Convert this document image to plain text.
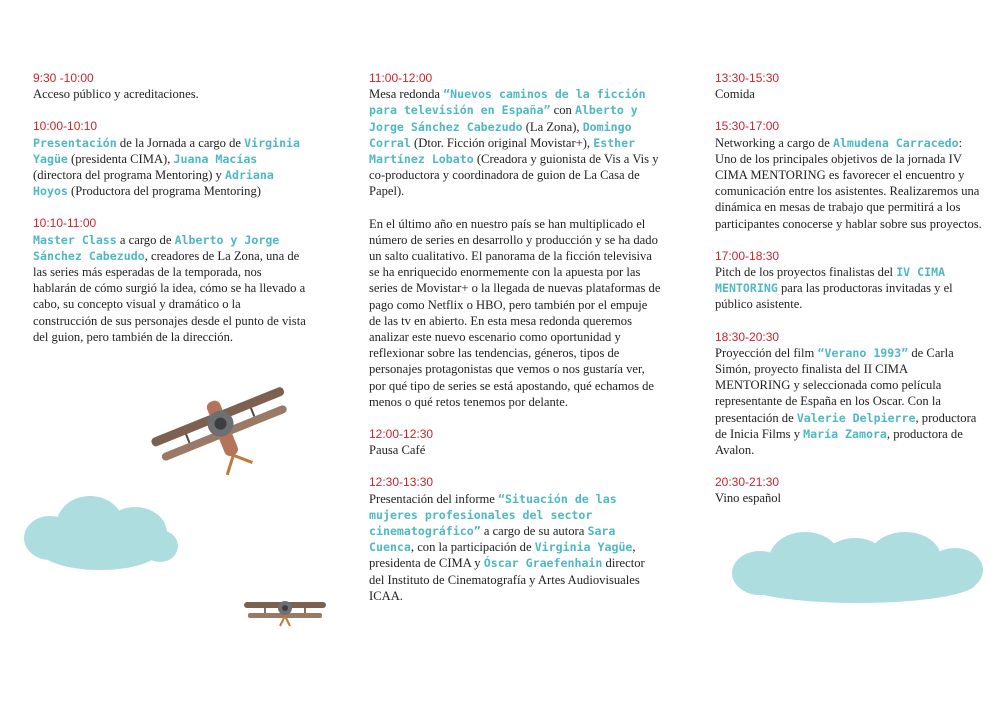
9:30 -10:00
Acceso público y acreditaciones.
10:00-10:10
Presentación de la Jornada a cargo de Virginia Yagüe (presidenta CIMA), Juana Macías (directora del programa Mentoring) y Adriana Hoyos (Productora del programa Mentoring)
10:10-11:00
Master Class a cargo de Alberto y Jorge Sánchez Cabezudo, creadores de La Zona, una de las series más esperadas de la temporada, nos hablarán de cómo surgió la idea, cómo se ha llevado a cabo, su concepto visual y dramático o la construcción de sus personajes desde el punto de vista del guion, pero también de la dirección.
11:00-12:00
Mesa redonda “Nuevos caminos de la ficción para televisión en España” con Alberto y Jorge Sánchez Cabezudo (La Zona), Domingo Corral (Dtor. Ficción original Movistar+), Esther Martínez Lobato (Creadora y guionista de Vis a Vis y co-productora y coordinadora de guion de La Casa de Papel).
En el último año en nuestro país se han multiplicado el número de series en desarrollo y producción y se ha dado un salto cualitativo. El panorama de la ficción televisiva se ha enriquecido enormemente con la apuesta por las series de Movistar+ o la llegada de nuevas plataformas de pago como Netflix o HBO, pero también por el empuje de las tv en abierto. En esta mesa redonda queremos analizar este nuevo escenario como oportunidad y reflexionar sobre las tendencias, géneros, tipos de personajes protagonistas que vemos o nos gustaría ver, por qué tipo de series se está apostando, qué echamos de menos o qué retos tenemos por delante.
12:00-12:30
Pausa Café
12:30-13:30
Presentación del informe “Situación de las mujeres profesionales del sector cinematográfico” a cargo de su autora Sara Cuenca, con la participación de Virginia Yagüe, presidenta de CIMA y Óscar Graefenhain director del Instituto de Cinematografía y Artes Audiovisuales ICAA.
13:30-15:30
Comida
15:30-17:00
Networking a cargo de Almudena Carracedo: Uno de los principales objetivos de la jornada IV CIMA MENTORING es favorecer el encuentro y comunicación entre los asistentes. Realizaremos una dinámica en mesas de trabajo que permitirá a los participantes conocerse y hablar sobre sus proyectos.
17:00-18:30
Pitch de los proyectos finalistas del IV CIMA MENTORING para las productoras invitadas y el público asistente.
18:30-20:30
Proyección del film “Verano 1993” de Carla Simón, proyecto finalista del II CIMA MENTORING y seleccionada como película representante de España en los Oscar. Con la presentación de Valerie Delpierre, productora de Inicia Films y María Zamora, productora de Avalon.
20:30-21:30
Vino español
